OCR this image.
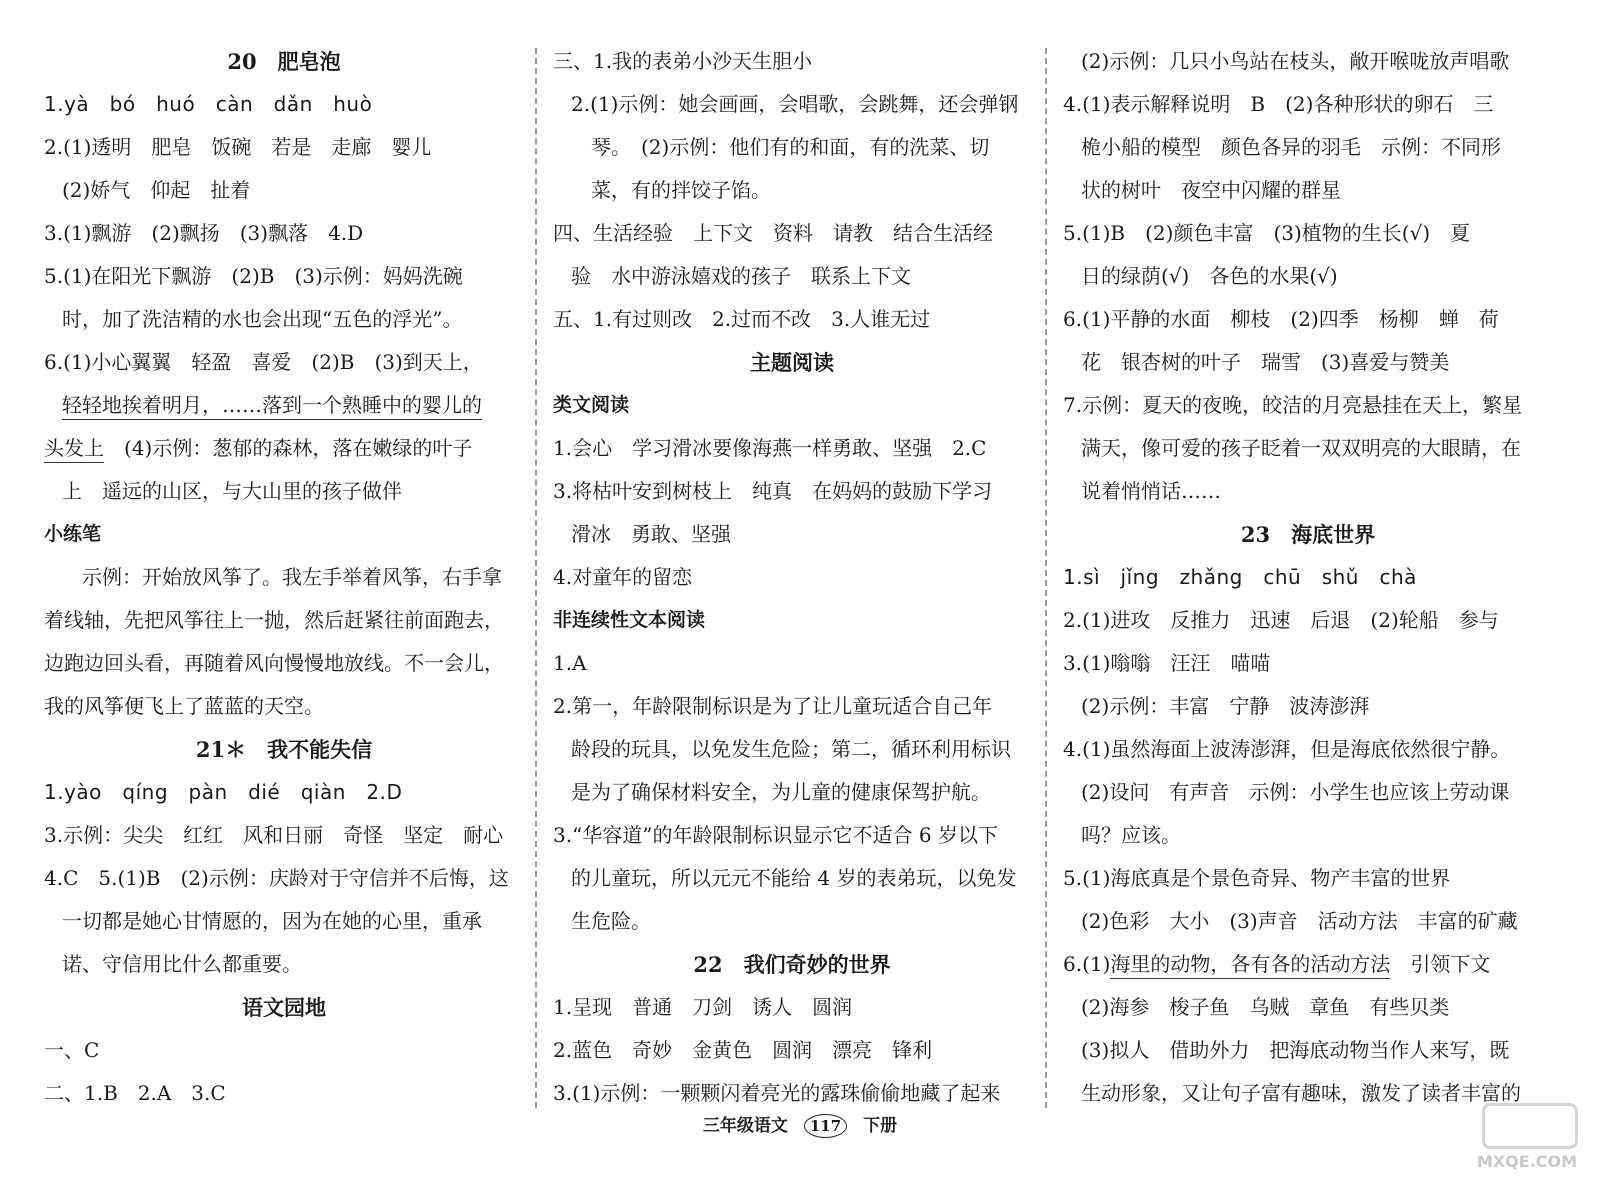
20　肥皂泡
1.yà　bó　huó　càn　dǎn　huò
2.(1)透明　肥皂　饭碗　若是　走廊　婴儿
(2)娇气　仰起　扯着
3.(1)飘游　(2)飘扬　(3)飘落　4.D
5.(1)在阳光下飘游　(2)B　(3)示例：妈妈洗碗
时，加了洗洁精的水也会出现“五色的浮光”。
6.(1)小心翼翼　轻盈　喜爱　(2)B　(3)到天上，
轻轻地挨着明月，……落到一个熟睡中的婴儿的
头发上　(4)示例：葱郁的森林，落在嫩绿的叶子
上　遥远的山区，与大山里的孩子做伴
小练笔
示例：开始放风筝了。我左手举着风筝，右手拿
着线轴，先把风筝往上一抛，然后赶紧往前面跑去，
边跑边回头看，再随着风向慢慢地放线。不一会儿，
我的风筝便飞上了蓝蓝的天空。
21＊　我不能失信
1.yào　qíng　pàn　dié　qiàn　2.D
3.示例：尖尖　红红　风和日丽　奇怪　坚定　耐心
4.C　5.(1)B　(2)示例：庆龄对于守信并不后悔，这
一切都是她心甘情愿的，因为在她的心里，重承
诺、守信用比什么都重要。
语文园地
一、C
二、1.B　2.A　3.C
三、1.我的表弟小沙天生胆小
2.(1)示例：她会画画，会唱歌，会跳舞，还会弹钢
琴。　(2)示例：他们有的和面，有的洗菜、切
菜，有的拌饺子馅。
四、生活经验　上下文　资料　请教　结合生活经
验　水中游泳嬉戏的孩子　联系上下文
五、1.有过则改　2.过而不改　3.人谁无过
主题阅读
类文阅读
1.会心　学习滑冰要像海燕一样勇敢、坚强　2.C
3.将枯叶安到树枝上　纯真　在妈妈的鼓励下学习
滑冰　勇敢、坚强
4.对童年的留恋
非连续性文本阅读
1.A
2.第一，年龄限制标识是为了让儿童玩适合自己年
龄段的玩具，以免发生危险；第二，循环利用标识
是为了确保材料安全，为儿童的健康保驾护航。
3.“华容道”的年龄限制标识显示它不适合 6 岁以下
的儿童玩，所以元元不能给 4 岁的表弟玩，以免发
生危险。
22　我们奇妙的世界
1.呈现　普通　刀剑　诱人　圆润
2.蓝色　奇妙　金黄色　圆润　漂亮　锋利
3.(1)示例：一颗颗闪着亮光的露珠偷偷地藏了起来
(2)示例：几只小鸟站在枝头，敞开喉咙放声唱歌
4.(1)表示解释说明　B　(2)各种形状的卵石　三
桅小船的模型　颜色各异的羽毛　示例：不同形
状的树叶　夜空中闪耀的群星
5.(1)B　(2)颜色丰富　(3)植物的生长(√)　夏
日的绿荫(√)　各色的水果(√)
6.(1)平静的水面　柳枝　(2)四季　杨柳　蝉　荷
花　银杏树的叶子　瑞雪　(3)喜爱与赞美
7.示例：夏天的夜晚，皎洁的月亮悬挂在天上，繁星
满天，像可爱的孩子眨着一双双明亮的大眼睛，在
说着悄悄话……
23　海底世界
1.sì　jǐng　zhǎng　chū　shǔ　chà
2.(1)进攻　反推力　迅速　后退　(2)轮船　参与
3.(1)嗡嗡　汪汪　喵喵
(2)示例：丰富　宁静　波涛澎湃
4.(1)虽然海面上波涛澎湃，但是海底依然很宁静。
(2)设问　有声音　示例：小学生也应该上劳动课
吗？应该。
5.(1)海底真是个景色奇异、物产丰富的世界
(2)色彩　大小　(3)声音　活动方法　丰富的矿藏
6.(1)海里的动物，各有各的活动方法　引领下文
(2)海参　梭子鱼　乌贼　章鱼　有些贝类
(3)拟人　借助外力　把海底动物当作人来写，既
生动形象，又让句子富有趣味，激发了读者丰富的
三年级语文 117 下册
MXQE.COM
